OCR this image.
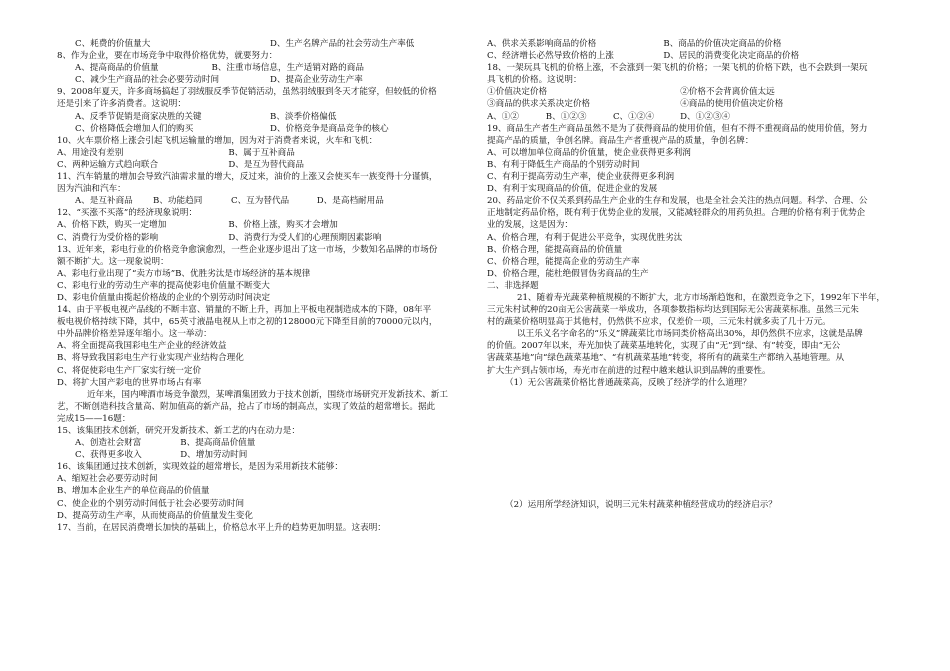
C、耗费的价值量大	D、生产名牌产品的社会劳动生产率低
8、作为企业，要在市场竞争中取得价格优势，就要努力：
A、提高商品的价值量	B、注重市场信息，生产适销对路的商品
C、减少生产商品的社会必要劳动时间	D、提高企业劳动生产率
9、2008年夏天，许多商场搞起了羽绒服反季节促销活动，虽然羽绒服到冬天才能穿，但较低的价格
还是引来了许多消费者。这说明：
A、反季节促销是商家决胜的关键	B、淡季价格偏低
C、价格降低会增加人们的购买	D、价格竞争是商品竞争的核心
10、火车票价格上涨会引起飞机运输量的增加，因为对于消费者来说，火车和飞机：
A、用途没有差别	B、属于互补商品
C、两种运输方式趋向联合	D、是互为替代商品
11、汽车销量的增加会导致汽油需求量的增大，反过来，油价的上涨又会使买车一族变得十分谨慎，
因为汽油和汽车：
A、是互补商品	B、功能趋同	C、互为替代品	D、是高档耐用品
12、“买涨不买落”的经济现象说明：
A、价格下跌，购买一定增加	B、价格上涨，购买才会增加
C、消费行为受价格的影响	D、消费行为受人们的心理预期因素影响
13、近年来，彩电行业的价格竞争愈演愈烈，一些企业逐步退出了这一市场，少数知名品牌的市场份
额不断扩大。这一现象说明：
A、彩电行业出现了“卖方市场”B、优胜劣汰是市场经济的基本规律
C、彩电行业的劳动生产率的提高使彩电价值量不断变大
D、彩电价值量由揽起价格战的企业的个别劳动时间决定
14、由于平板电视产品线的不断丰富、销量的不断上升，再加上平板电视制造成本的下降，08年平
板电视价格持续下降，其中，65英寸液晶电视从上市之初的128000元下降至目前的70000元以内，
中外品牌价格差异逐年缩小。这一举动：
A、将全面提高我国彩电生产企业的经济效益
B、将导致我国彩电生产行业实现产业结构合理化
C、将促使彩电生产厂家实行统一定价
D、将扩大国产彩电的世界市场占有率
近年来，国内啤酒市场竞争激烈，某啤酒集团致力于技术创新，围绕市场研究开发新技术、新工
艺，不断创造科技含量高、附加值高的新产品，抢占了市场的制高点，实现了效益的超常增长。据此
完成15——16题：
15、该集团技术创新，研究开发新技术、新工艺的内在动力是：
A、创造社会财富	B、提高商品价值量
C、获得更多收入	D、增加劳动时间
16、该集团通过技术创新，实现效益的超常增长，是因为采用新技术能够：
A、缩短社会必要劳动时间
B、增加本企业生产的单位商品的价值量
C、使企业的个别劳动时间低于社会必要劳动时间
D、提高劳动生产率，从而使商品的价值量发生变化
17、当前，在居民消费增长加快的基础上，价格总水平上升的趋势更加明显。这表明：
A、供求关系影响商品的价格	B、商品的价值决定商品的价格
C、经济增长必然导致价格的上涨	D、居民的消费变化决定商品的价格
18、一架玩具飞机的价格上涨，不会涨到一架飞机的价格；一架飞机的价格下跌，也不会跌到一架玩
具飞机的价格。这说明：
①价值决定价格	②价格不会背离价值太远
③商品的供求关系决定价格	④商品的使用价值决定价格
A、①②	B、①②③	C、①②④	D、①②③④
19、商品生产者生产商品虽然不是为了获得商品的使用价值，但有不得不重视商品的使用价值，努力
提高产品的质量，争创名牌。商品生产者重视产品的质量，争创名牌：
A、可以增加单位商品的价值量，使企业获得更多利润
B、有利于降低生产商品的个别劳动时间
C、有利于提高劳动生产率，使企业获得更多利润
D、有利于实现商品的价值，促进企业的发展
20、药品定价不仅关系到药品生产企业的生存和发展，也是全社会关注的热点问题。科学、合理、公
正地制定药品价格，既有利于优势企业的发展，又能减轻群众的用药负担。合理的价格有利于优势企
业的发展，这是因为：
A、价格合理，有利于促进公平竞争，实现优胜劣汰
B、价格合理，能提高商品的价值量
C、价格合理，能提高企业的劳动生产率
D、价格合理，能杜绝假冒伪劣商品的生产
二、非选择题
21、随着寿光蔬菜种植规模的不断扩大，北方市场渐趋饱和，在激烈竞争之下，1992年下半年，
三元朱村试种的20亩无公害蔬菜一举成功，各项参数指标均达到国际无公害蔬菜标准。虽然三元朱
村的蔬菜价格明显高于其他村，仍然供不应求，仅差价一项，三元朱村就多卖了几十万元。
以王乐义名字命名的“乐义”牌蔬菜比市场同类价格高出30%，却仍然供不应求，这就是品牌
的价值。2007年以来，寿光加快了蔬菜基地转化，实现了由“无”到“绿、有”转变，即由“无公
害蔬菜基地”向“绿色蔬菜基地”、“有机蔬菜基地”转变，将所有的蔬菜生产都纳入基地管理。从
扩大生产到占领市场，寿光市在前进的过程中越来越认识到品牌的重要性。
（1）无公害蔬菜价格比普通蔬菜高，反映了经济学的什么道理？
（2）运用所学经济知识，说明三元朱村蔬菜种植经营成功的经济启示？
